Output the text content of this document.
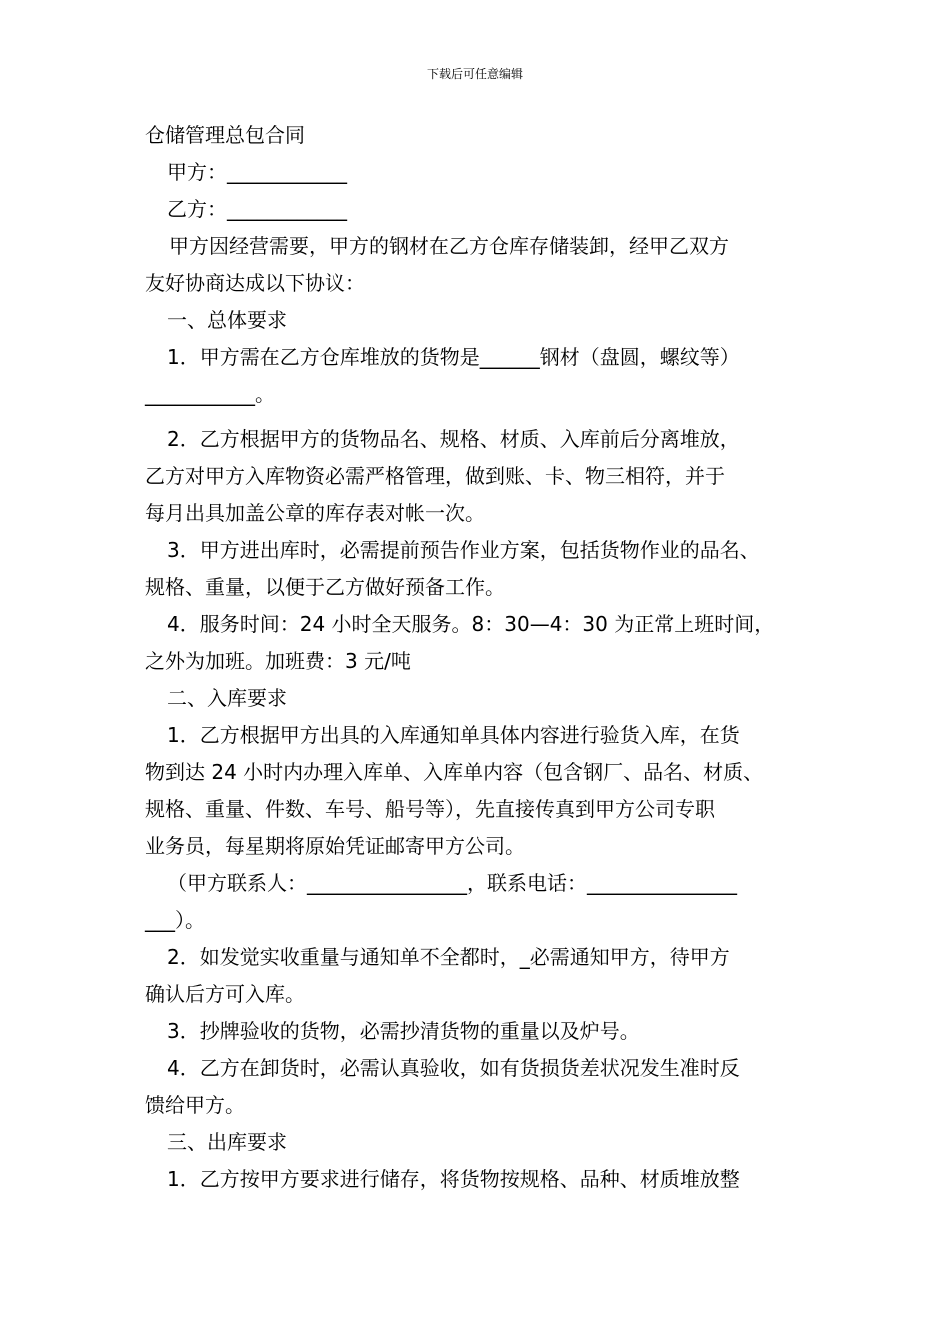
下载后可任意编辑
仓储管理总包合同
甲方：____________
乙方：____________
甲方因经营需要，甲方的钢材在乙方仓库存储装卸，经甲乙双方
友好协商达成以下协议：
一、总体要求
1．甲方需在乙方仓库堆放的货物是______钢材（盘圆，螺纹等）
___________。
2．乙方根据甲方的货物品名、规格、材质、入库前后分离堆放，
乙方对甲方入库物资必需严格管理，做到账、卡、物三相符，并于
每月出具加盖公章的库存表对帐一次。
3．甲方进出库时，必需提前预告作业方案，包括货物作业的品名、
规格、重量，以便于乙方做好预备工作。
4．服务时间：24 小时全天服务。8：30—4：30 为正常上班时间，
之外为加班。加班费：3 元/吨
二、入库要求
1．乙方根据甲方出具的入库通知单具体内容进行验货入库，在货
物到达 24 小时内办理入库单、入库单内容（包含钢厂、品名、材质、
规格、重量、件数、车号、船号等），先直接传真到甲方公司专职
业务员，每星期将原始凭证邮寄甲方公司。
（甲方联系人：________________，联系电话：_______________
___）。
2．如发觉实收重量与通知单不全都时，_必需通知甲方，待甲方
确认后方可入库。
3．抄牌验收的货物，必需抄清货物的重量以及炉号。
4．乙方在卸货时，必需认真验收，如有货损货差状况发生准时反
馈给甲方。
三、出库要求
1．乙方按甲方要求进行储存，将货物按规格、品种、材质堆放整
